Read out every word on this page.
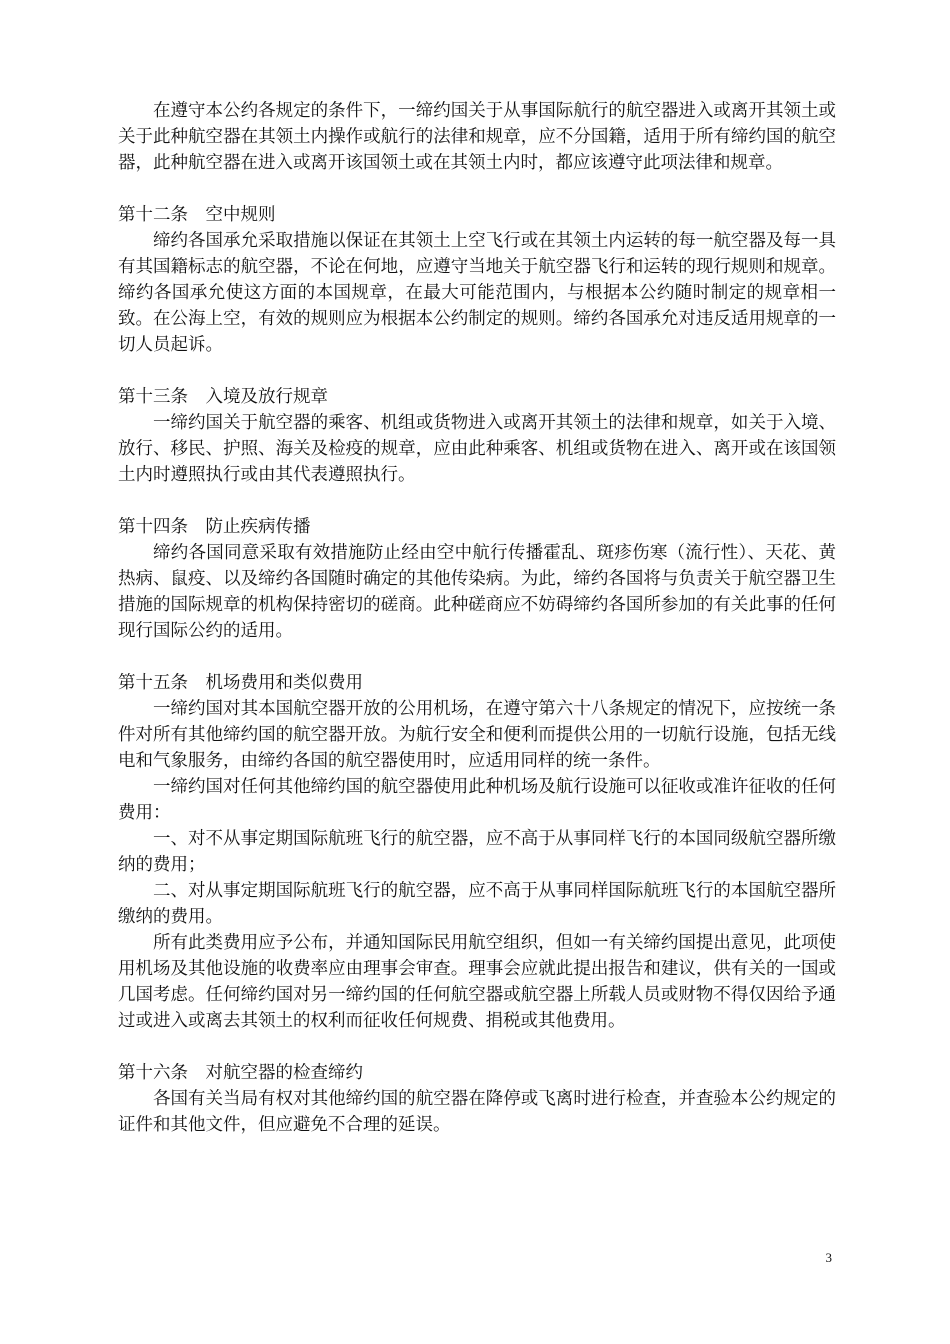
在遵守本公约各规定的条件下，一缔约国关于从事国际航行的航空器进入或离开其领土或关于此种航空器在其领土内操作或航行的法律和规章，应不分国籍，适用于所有缔约国的航空器，此种航空器在进入或离开该国领土或在其领土内时，都应该遵守此项法律和规章。

第十二条 空中规则

缔约各国承允采取措施以保证在其领土上空飞行或在其领土内运转的每一航空器及每一具有其国籍标志的航空器，不论在何地，应遵守当地关于航空器飞行和运转的现行规则和规章。缔约各国承允使这方面的本国规章，在最大可能范围内，与根据本公约随时制定的规章相一致。在公海上空，有效的规则应为根据本公约制定的规则。缔约各国承允对违反适用规章的一切人员起诉。

第十三条 入境及放行规章

一缔约国关于航空器的乘客、机组或货物进入或离开其领土的法律和规章，如关于入境、放行、移民、护照、海关及检疫的规章，应由此种乘客、机组或货物在进入、离开或在该国领土内时遵照执行或由其代表遵照执行。

第十四条 防止疾病传播

缔约各国同意采取有效措施防止经由空中航行传播霍乱、斑疹伤寒（流行性）、天花、黄热病、鼠疫、以及缔约各国随时确定的其他传染病。为此，缔约各国将与负责关于航空器卫生措施的国际规章的机构保持密切的磋商。此种磋商应不妨碍缔约各国所参加的有关此事的任何现行国际公约的适用。

第十五条 机场费用和类似费用

一缔约国对其本国航空器开放的公用机场，在遵守第六十八条规定的情况下，应按统一条件对所有其他缔约国的航空器开放。为航行安全和便利而提供公用的一切航行设施，包括无线电和气象服务，由缔约各国的航空器使用时，应适用同样的统一条件。

一缔约国对任何其他缔约国的航空器使用此种机场及航行设施可以征收或准许征收的任何费用：

一、对不从事定期国际航班飞行的航空器，应不高于从事同样飞行的本国同级航空器所缴纳的费用；

二、对从事定期国际航班飞行的航空器，应不高于从事同样国际航班飞行的本国航空器所缴纳的费用。

所有此类费用应予公布，并通知国际民用航空组织，但如一有关缔约国提出意见，此项使用机场及其他设施的收费率应由理事会审查。理事会应就此提出报告和建议，供有关的一国或几国考虑。任何缔约国对另一缔约国的任何航空器或航空器上所载人员或财物不得仅因给予通过或进入或离去其领土的权利而征收任何规费、捐税或其他费用。

第十六条 对航空器的检查缔约

各国有关当局有权对其他缔约国的航空器在降停或飞离时进行检查，并查验本公约规定的证件和其他文件，但应避免不合理的延误。

3
